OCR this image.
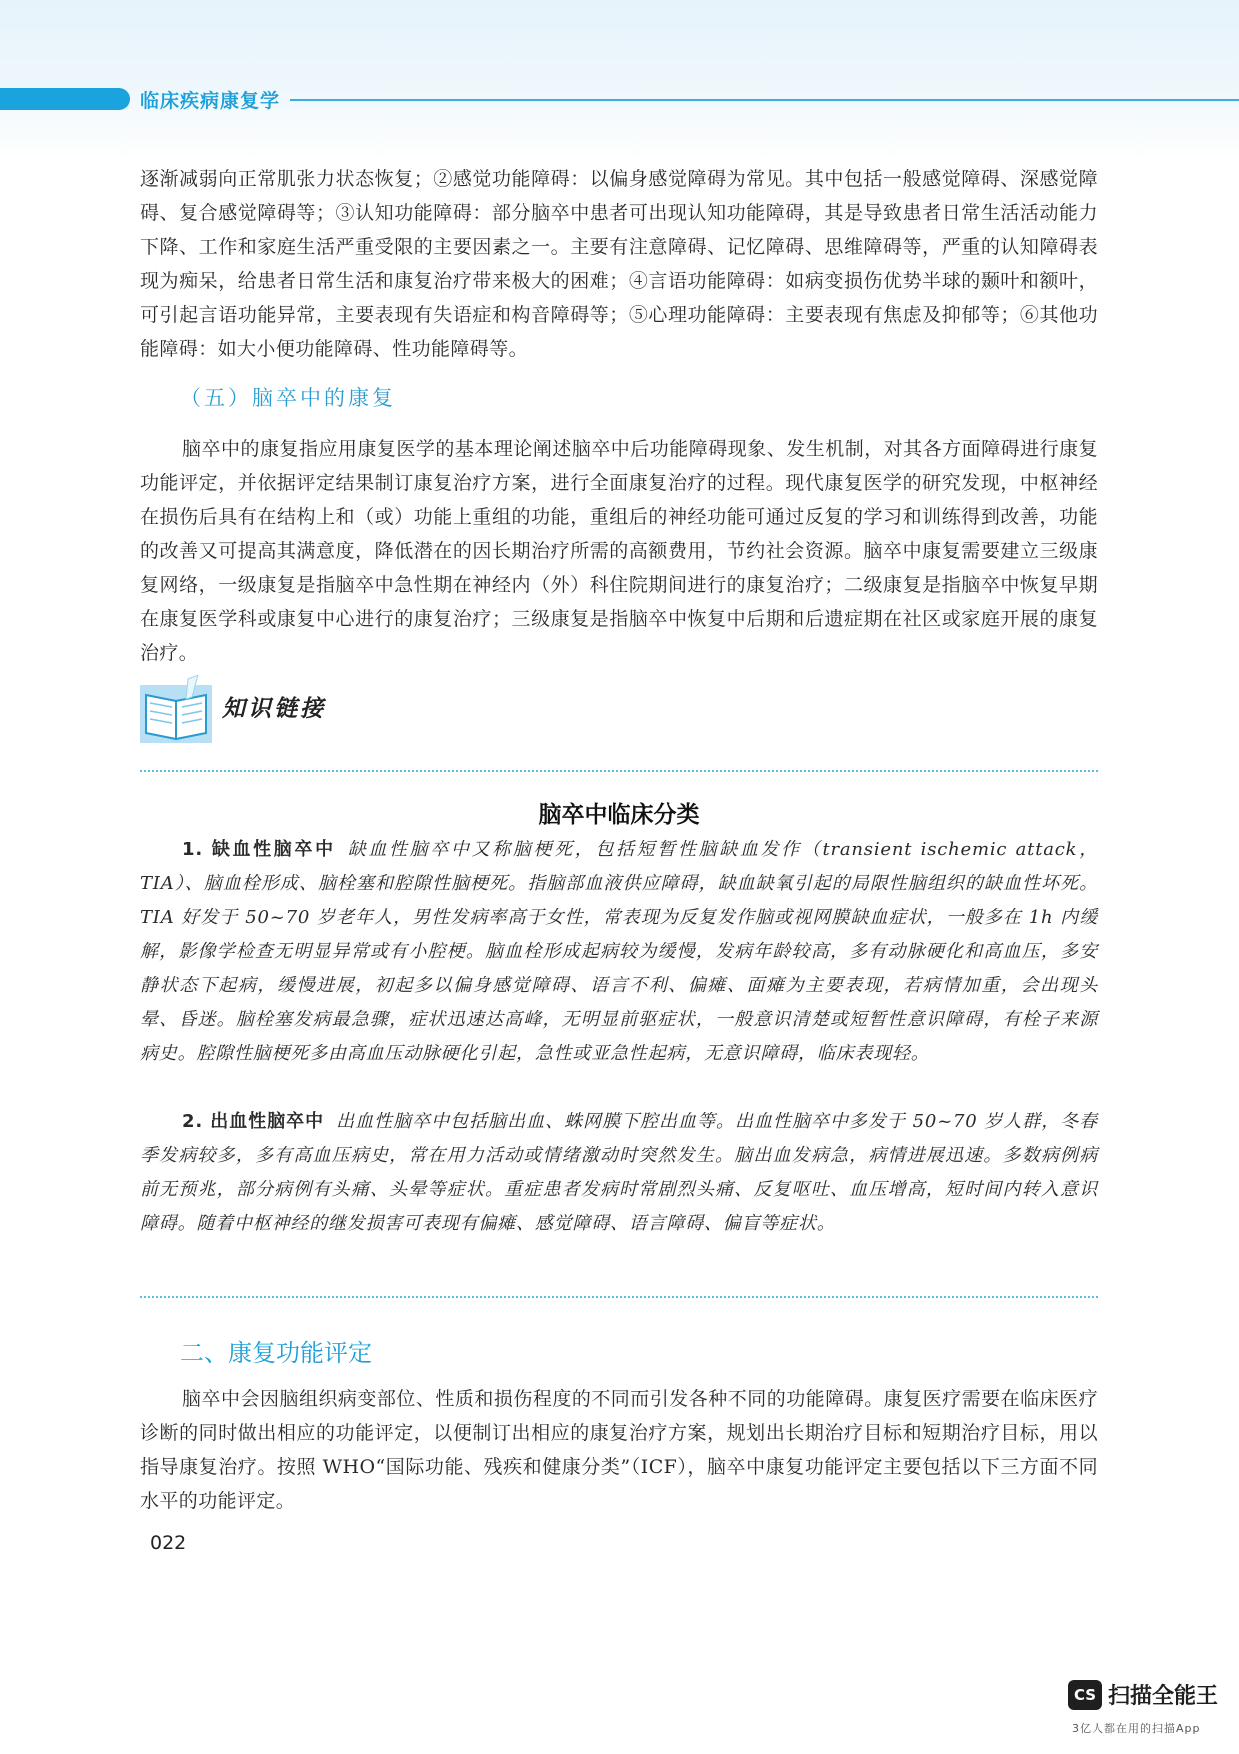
临床疾病康复学

逐渐减弱向正常肌张力状态恢复；②感觉功能障碍：以偏身感觉障碍为常见。其中包括一般感觉障碍、深感觉障碍、复合感觉障碍等；③认知功能障碍：部分脑卒中患者可出现认知功能障碍，其是导致患者日常生活活动能力下降、工作和家庭生活严重受限的主要因素之一。主要有注意障碍、记忆障碍、思维障碍等，严重的认知障碍表现为痴呆，给患者日常生活和康复治疗带来极大的困难；④言语功能障碍：如病变损伤优势半球的颞叶和额叶，可引起言语功能异常，主要表现有失语症和构音障碍等；⑤心理功能障碍：主要表现有焦虑及抑郁等；⑥其他功能障碍：如大小便功能障碍、性功能障碍等。

（五）脑卒中的康复

脑卒中的康复指应用康复医学的基本理论阐述脑卒中后功能障碍现象、发生机制，对其各方面障碍进行康复功能评定，并依据评定结果制订康复治疗方案，进行全面康复治疗的过程。现代康复医学的研究发现，中枢神经在损伤后具有在结构上和（或）功能上重组的功能，重组后的神经功能可通过反复的学习和训练得到改善，功能的改善又可提高其满意度，降低潜在的因长期治疗所需的高额费用，节约社会资源。脑卒中康复需要建立三级康复网络，一级康复是指脑卒中急性期在神经内（外）科住院期间进行的康复治疗；二级康复是指脑卒中恢复早期在康复医学科或康复中心进行的康复治疗；三级康复是指脑卒中恢复中后期和后遗症期在社区或家庭开展的康复治疗。

知识链接
脑卒中临床分类

1. 缺血性脑卒中 缺血性脑卒中又称脑梗死，包括短暂性脑缺血发作（transient ischemic attack，TIA）、脑血栓形成、脑栓塞和腔隙性脑梗死。指脑部血液供应障碍，缺血缺氧引起的局限性脑组织的缺血性坏死。TIA 好发于 50~70 岁老年人，男性发病率高于女性，常表现为反复发作脑或视网膜缺血症状，一般多在 1h 内缓解，影像学检查无明显异常或有小腔梗。脑血栓形成起病较为缓慢，发病年龄较高，多有动脉硬化和高血压，多安静状态下起病，缓慢进展，初起多以偏身感觉障碍、语言不利、偏瘫、面瘫为主要表现，若病情加重，会出现头晕、昏迷。脑栓塞发病最急骤，症状迅速达高峰，无明显前驱症状，一般意识清楚或短暂性意识障碍，有栓子来源病史。腔隙性脑梗死多由高血压动脉硬化引起，急性或亚急性起病，无意识障碍，临床表现轻。

2. 出血性脑卒中 出血性脑卒中包括脑出血、蛛网膜下腔出血等。出血性脑卒中多发于 50~70 岁人群，冬春季发病较多，多有高血压病史，常在用力活动或情绪激动时突然发生。脑出血发病急，病情进展迅速。多数病例病前无预兆，部分病例有头痛、头晕等症状。重症患者发病时常剧烈头痛、反复呕吐、血压增高，短时间内转入意识障碍。随着中枢神经的继发损害可表现有偏瘫、感觉障碍、语言障碍、偏盲等症状。

二、康复功能评定

脑卒中会因脑组织病变部位、性质和损伤程度的不同而引发各种不同的功能障碍。康复医疗需要在临床医疗诊断的同时做出相应的功能评定，以便制订出相应的康复治疗方案，规划出长期治疗目标和短期治疗目标，用以指导康复治疗。按照 WHO“国际功能、残疾和健康分类”（ICF），脑卒中康复功能评定主要包括以下三方面不同水平的功能评定。

022
CS 扫描全能王
3亿人都在用的扫描App
